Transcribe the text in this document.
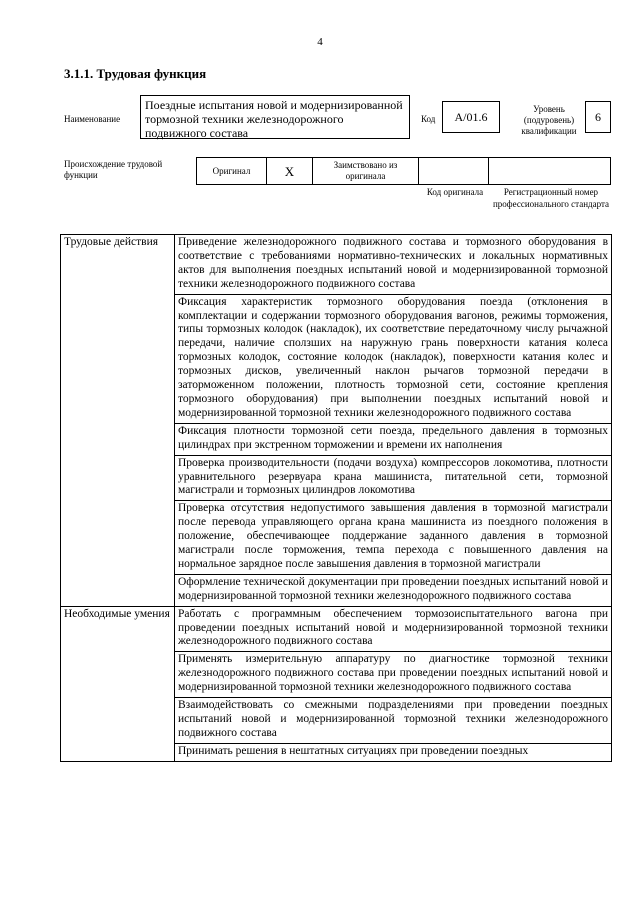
4
3.1.1. Трудовая функция
Наименование
Поездные испытания новой и модернизированной тормозной техники железнодорожного подвижного состава
Код	А/01.6
Уровень (подуровень) квалификации
6
Происхождение трудовой функции	Оригинал	X	Заимствовано из оригинала		
Код оригинала	Регистрационный номер профессионального стандарта
Трудовые действия	Приведение железнодорожного подвижного состава и тормозного оборудования в соответствие с требованиями нормативно-технических и локальных нормативных актов для выполнения поездных испытаний новой и модернизированной тормозной техники железнодорожного подвижного состава
	Фиксация характеристик тормозного оборудования поезда (отклонения в комплектации и содержании тормозного оборудования вагонов, режимы торможения, типы тормозных колодок (накладок), их соответствие передаточному числу рычажной передачи, наличие сползших на наружную грань поверхности катания колеса тормозных колодок, состояние колодок (накладок), поверхности катания колес и тормозных дисков, увеличенный наклон рычагов тормозной передачи в заторможенном положении, плотность тормозной сети, состояние крепления тормозного оборудования) при выполнении поездных испытаний новой и модернизированной тормозной техники железнодорожного подвижного состава
	Фиксация плотности тормозной сети поезда, предельного давления в тормозных цилиндрах при экстренном торможении и времени их наполнения
	Проверка производительности (подачи воздуха) компрессоров локомотива, плотности уравнительного резервуара крана машиниста, питательной сети, тормозной магистрали и тормозных цилиндров локомотива
	Проверка отсутствия недопустимого завышения давления в тормозной магистрали после перевода управляющего органа крана машиниста из поездного положения в положение, обеспечивающее поддержание заданного давления в тормозной магистрали после торможения, темпа перехода с повышенного давления на нормальное зарядное после завышения давления в тормозной магистрали
	Оформление технической документации при проведении поездных испытаний новой и модернизированной тормозной техники железнодорожного подвижного состава
Необходимые умения	Работать с программным обеспечением тормозоиспытательного вагона при проведении поездных испытаний новой и модернизированной тормозной техники железнодорожного подвижного состава
	Применять измерительную аппаратуру по диагностике тормозной техники железнодорожного подвижного состава при проведении поездных испытаний новой и модернизированной тормозной техники железнодорожного подвижного состава
	Взаимодействовать со смежными подразделениями при проведении поездных испытаний новой и модернизированной тормозной техники железнодорожного подвижного состава
	Принимать решения в нештатных ситуациях при проведении поездных
